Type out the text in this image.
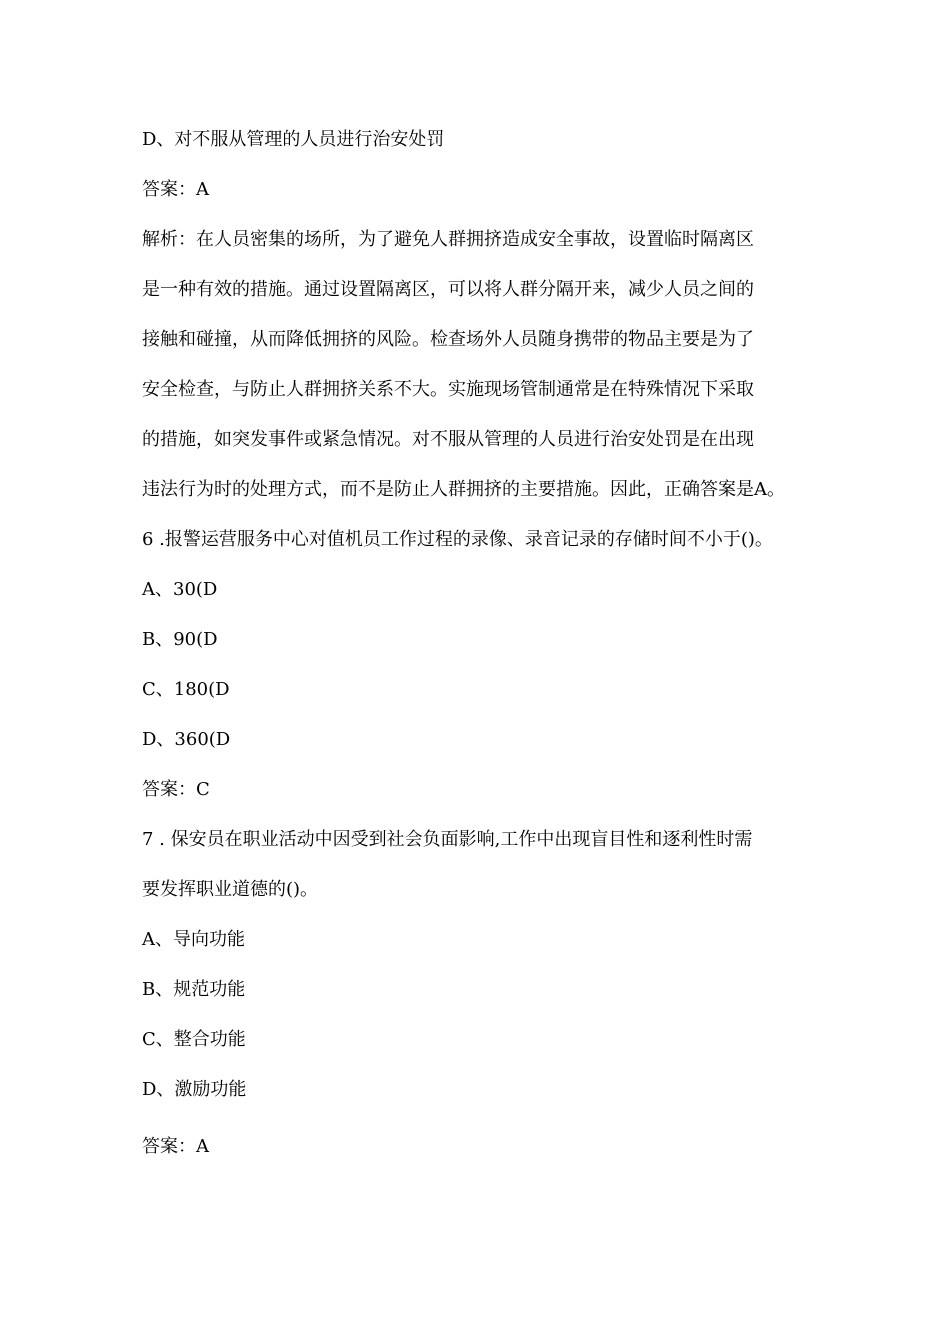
D、对不服从管理的人员进行治安处罚
答案：A
解析：在人员密集的场所，为了避免人群拥挤造成安全事故，设置临时隔离区
是一种有效的措施。通过设置隔离区，可以将人群分隔开来，减少人员之间的
接触和碰撞，从而降低拥挤的风险。检查场外人员随身携带的物品主要是为了
安全检查，与防止人群拥挤关系不大。实施现场管制通常是在特殊情况下采取
的措施，如突发事件或紧急情况。对不服从管理的人员进行治安处罚是在出现
违法行为时的处理方式，而不是防止人群拥挤的主要措施。因此，正确答案是A。
6 .报警运营服务中心对值机员工作过程的录像、录音记录的存储时间不小于()。
A、30(D
B、90(D
C、180(D
D、360(D
答案：C
7 . 保安员在职业活动中因受到社会负面影响,工作中出现盲目性和逐利性时需
要发挥职业道德的()。
A、导向功能
B、规范功能
C、整合功能
D、激励功能
答案：A
